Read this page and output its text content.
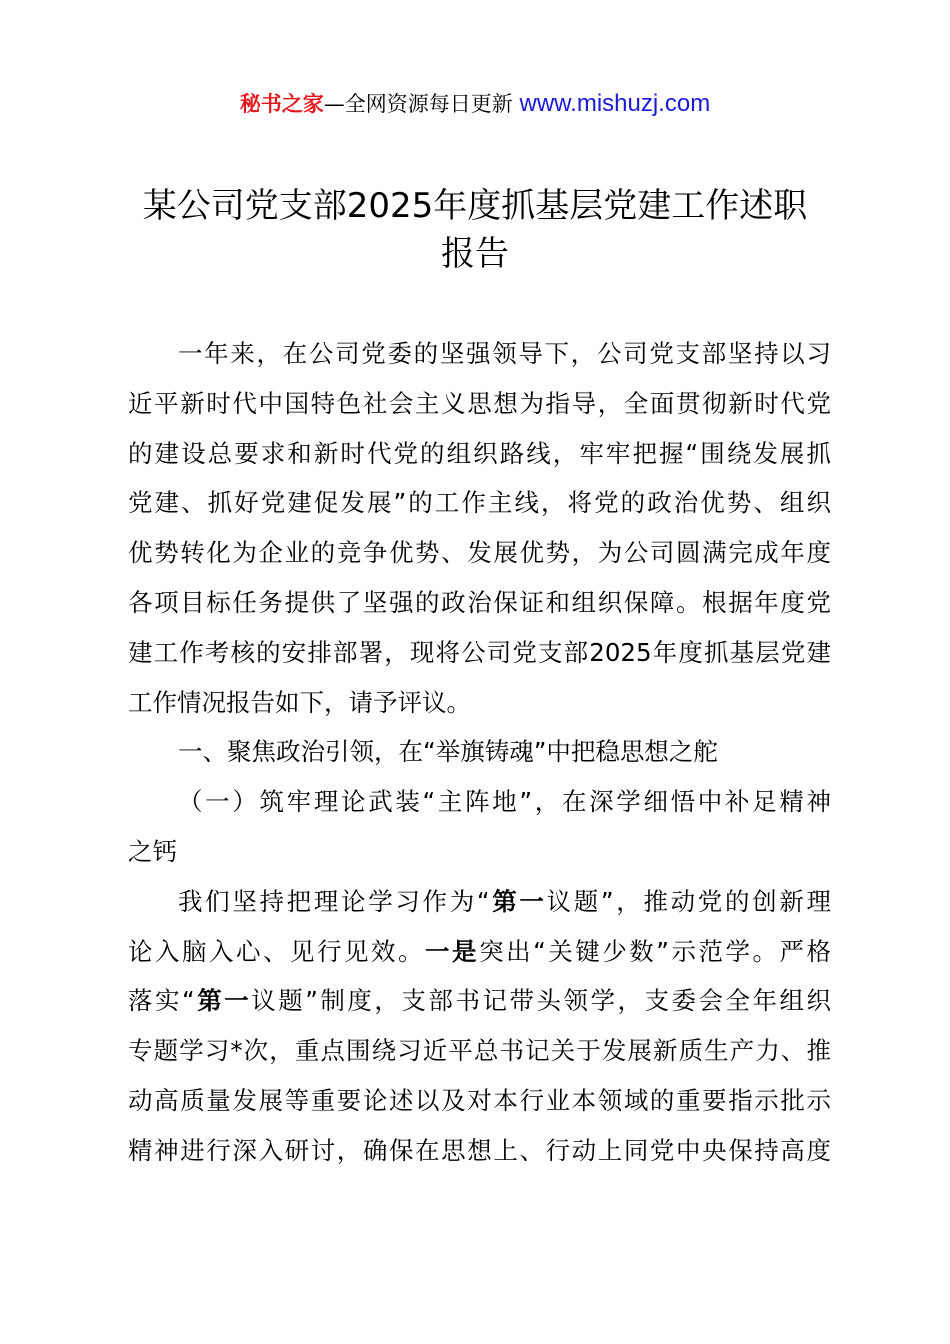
秘书之家—全网资源每日更新 www.mishuzj.com
某公司党支部2025年度抓基层党建工作述职
报告
一年来，在公司党委的坚强领导下，公司党支部坚持以习
近平新时代中国特色社会主义思想为指导，全面贯彻新时代党
的建设总要求和新时代党的组织路线，牢牢把握“围绕发展抓
党建、抓好党建促发展”的工作主线，将党的政治优势、组织
优势转化为企业的竞争优势、发展优势，为公司圆满完成年度
各项目标任务提供了坚强的政治保证和组织保障。根据年度党
建工作考核的安排部署，现将公司党支部2025年度抓基层党建
工作情况报告如下，请予评议。
一、聚焦政治引领，在“举旗铸魂”中把稳思想之舵
（一）筑牢理论武装“主阵地”，在深学细悟中补足精神
之钙
我们坚持把理论学习作为“第一议题”，推动党的创新理
论入脑入心、见行见效。一是突出“关键少数”示范学。严格
落实“第一议题”制度，支部书记带头领学，支委会全年组织
专题学习*次，重点围绕习近平总书记关于发展新质生产力、推
动高质量发展等重要论述以及对本行业本领域的重要指示批示
精神进行深入研讨，确保在思想上、行动上同党中央保持高度
